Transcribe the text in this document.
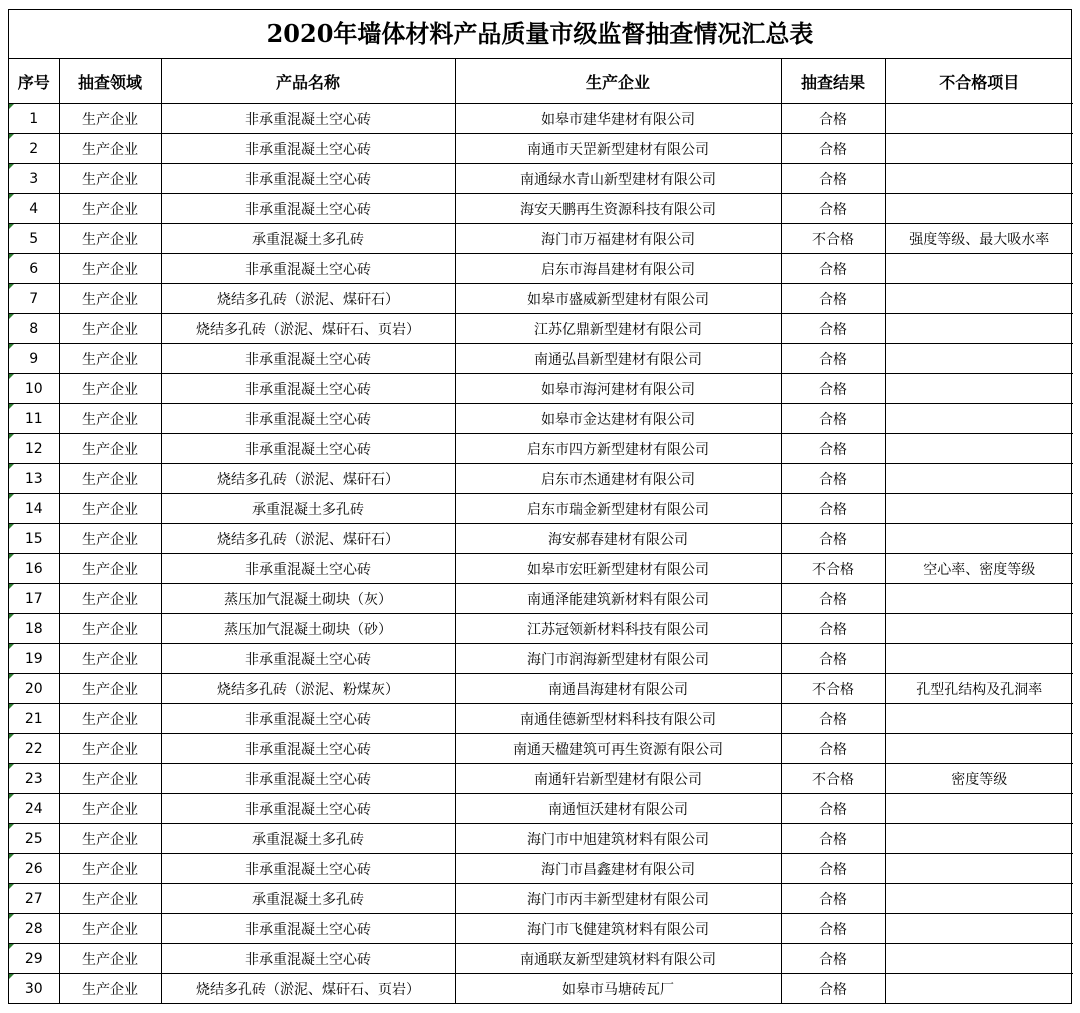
2020年墙体材料产品质量市级监督抽查情况汇总表
序号	抽查领域	产品名称	生产企业	抽查结果	不合格项目
1	生产企业	非承重混凝土空心砖	如皋市建华建材有限公司	合格	
2	生产企业	非承重混凝土空心砖	南通市天罡新型建材有限公司	合格	
3	生产企业	非承重混凝土空心砖	南通绿水青山新型建材有限公司	合格	
4	生产企业	非承重混凝土空心砖	海安天鹏再生资源科技有限公司	合格	
5	生产企业	承重混凝土多孔砖	海门市万福建材有限公司	不合格	强度等级、最大吸水率
6	生产企业	非承重混凝土空心砖	启东市海昌建材有限公司	合格	
7	生产企业	烧结多孔砖（淤泥、煤矸石）	如皋市盛威新型建材有限公司	合格	
8	生产企业	烧结多孔砖（淤泥、煤矸石、页岩）	江苏亿鼎新型建材有限公司	合格	
9	生产企业	非承重混凝土空心砖	南通弘昌新型建材有限公司	合格	
10	生产企业	非承重混凝土空心砖	如皋市海河建材有限公司	合格	
11	生产企业	非承重混凝土空心砖	如皋市金达建材有限公司	合格	
12	生产企业	非承重混凝土空心砖	启东市四方新型建材有限公司	合格	
13	生产企业	烧结多孔砖（淤泥、煤矸石）	启东市杰通建材有限公司	合格	
14	生产企业	承重混凝土多孔砖	启东市瑞金新型建材有限公司	合格	
15	生产企业	烧结多孔砖（淤泥、煤矸石）	海安郝春建材有限公司	合格	
16	生产企业	非承重混凝土空心砖	如皋市宏旺新型建材有限公司	不合格	空心率、密度等级
17	生产企业	蒸压加气混凝土砌块（灰）	南通泽能建筑新材料有限公司	合格	
18	生产企业	蒸压加气混凝土砌块（砂）	江苏冠领新材料科技有限公司	合格	
19	生产企业	非承重混凝土空心砖	海门市润海新型建材有限公司	合格	
20	生产企业	烧结多孔砖（淤泥、粉煤灰）	南通昌海建材有限公司	不合格	孔型孔结构及孔洞率
21	生产企业	非承重混凝土空心砖	南通佳德新型材料科技有限公司	合格	
22	生产企业	非承重混凝土空心砖	南通天楹建筑可再生资源有限公司	合格	
23	生产企业	非承重混凝土空心砖	南通轩岩新型建材有限公司	不合格	密度等级
24	生产企业	非承重混凝土空心砖	南通恒沃建材有限公司	合格	
25	生产企业	承重混凝土多孔砖	海门市中旭建筑材料有限公司	合格	
26	生产企业	非承重混凝土空心砖	海门市昌鑫建材有限公司	合格	
27	生产企业	承重混凝土多孔砖	海门市丙丰新型建材有限公司	合格	
28	生产企业	非承重混凝土空心砖	海门市飞健建筑材料有限公司	合格	
29	生产企业	非承重混凝土空心砖	南通联友新型建筑材料有限公司	合格	
30	生产企业	烧结多孔砖（淤泥、煤矸石、页岩）	如皋市马塘砖瓦厂	合格	
